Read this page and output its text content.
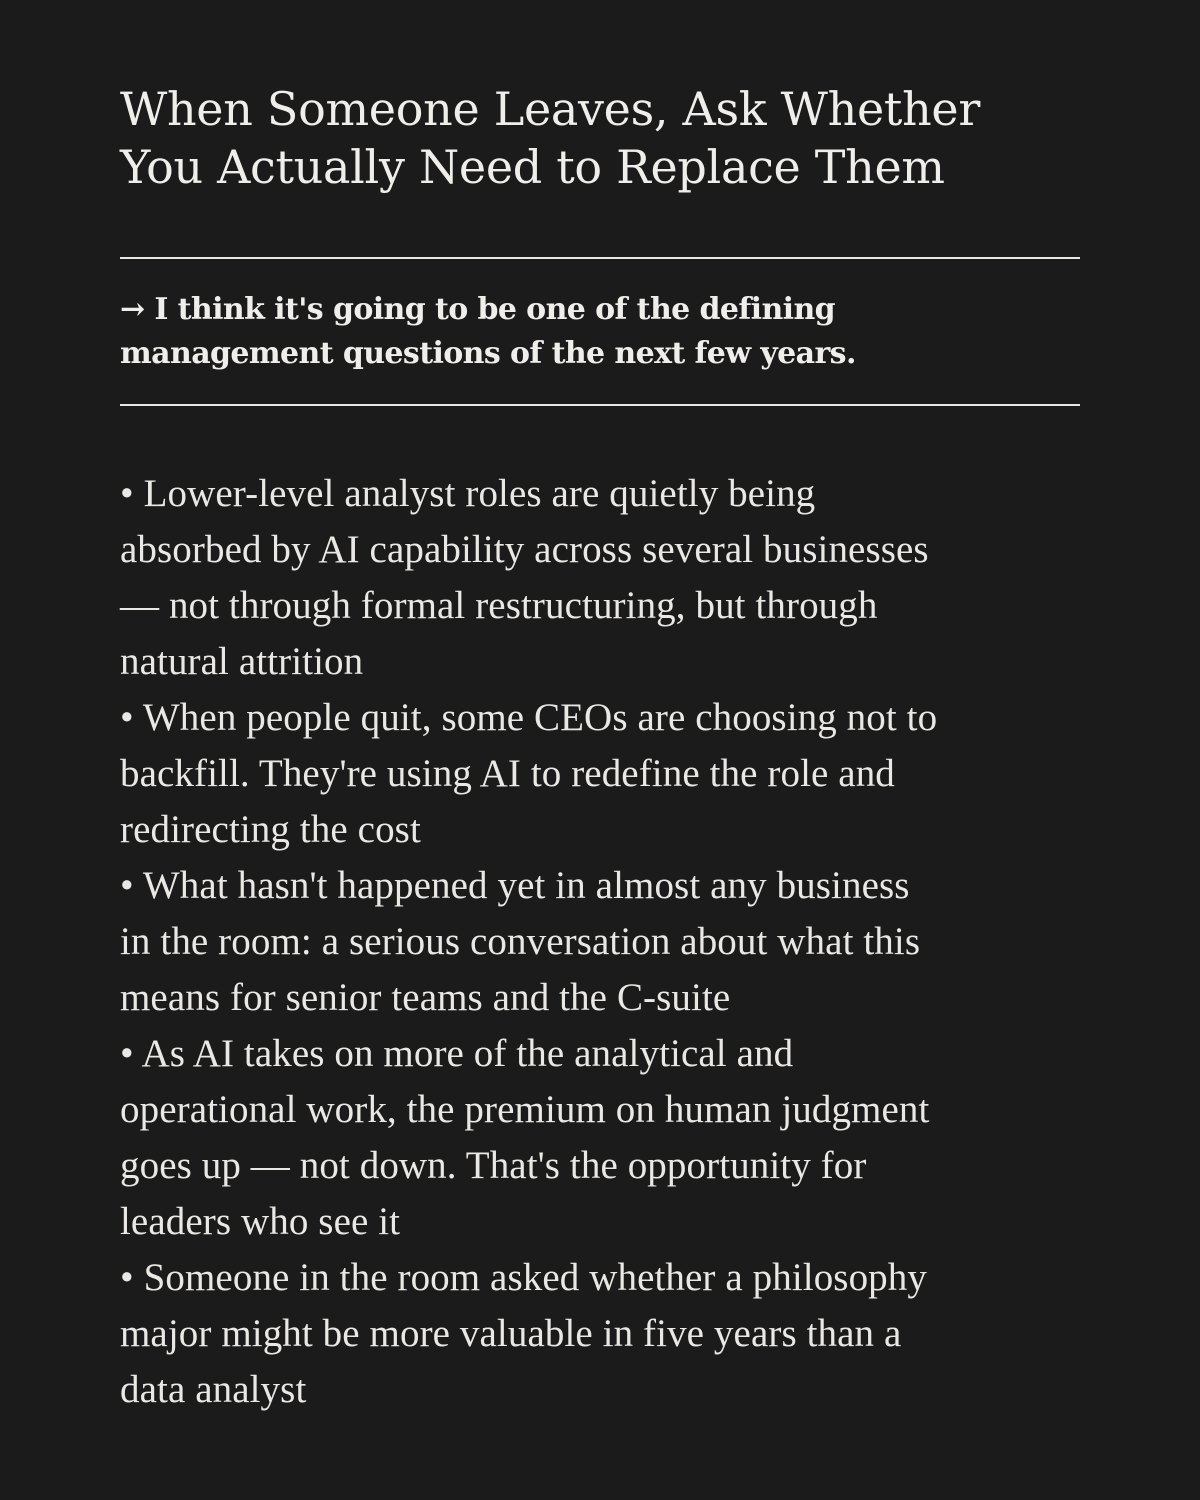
When Someone Leaves, Ask Whether
You Actually Need to Replace Them

→ I think it's going to be one of the defining
management questions of the next few years.

• Lower-level analyst roles are quietly being
absorbed by AI capability across several businesses
— not through formal restructuring, but through
natural attrition
• When people quit, some CEOs are choosing not to
backfill. They're using AI to redefine the role and
redirecting the cost
• What hasn't happened yet in almost any business
in the room: a serious conversation about what this
means for senior teams and the C-suite
• As AI takes on more of the analytical and
operational work, the premium on human judgment
goes up — not down. That's the opportunity for
leaders who see it
• Someone in the room asked whether a philosophy
major might be more valuable in five years than a
data analyst
